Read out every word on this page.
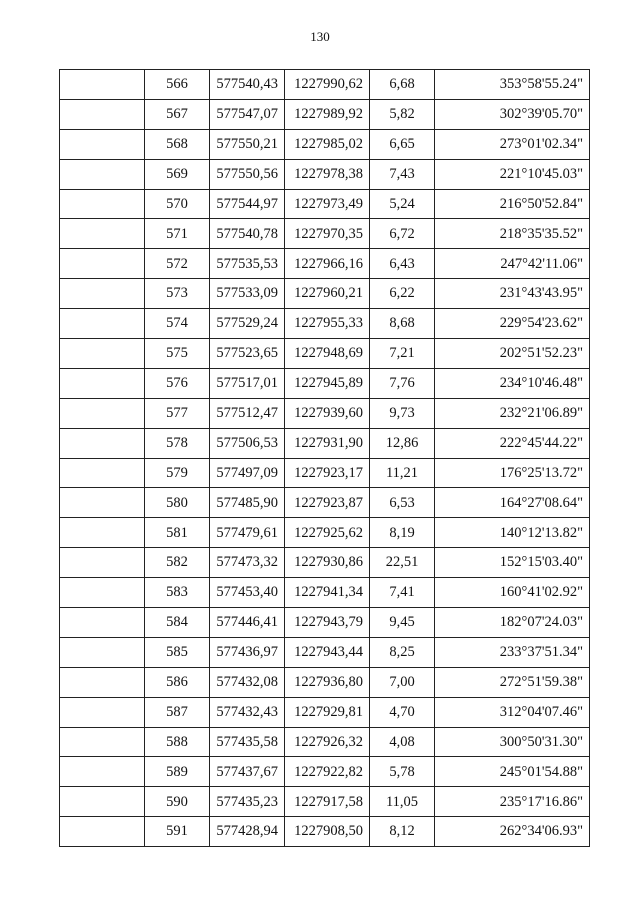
130
	566	577540,43	1227990,62	6,68	353°58'55.24"
	567	577547,07	1227989,92	5,82	302°39'05.70"
	568	577550,21	1227985,02	6,65	273°01'02.34"
	569	577550,56	1227978,38	7,43	221°10'45.03"
	570	577544,97	1227973,49	5,24	216°50'52.84"
	571	577540,78	1227970,35	6,72	218°35'35.52"
	572	577535,53	1227966,16	6,43	247°42'11.06"
	573	577533,09	1227960,21	6,22	231°43'43.95"
	574	577529,24	1227955,33	8,68	229°54'23.62"
	575	577523,65	1227948,69	7,21	202°51'52.23"
	576	577517,01	1227945,89	7,76	234°10'46.48"
	577	577512,47	1227939,60	9,73	232°21'06.89"
	578	577506,53	1227931,90	12,86	222°45'44.22"
	579	577497,09	1227923,17	11,21	176°25'13.72"
	580	577485,90	1227923,87	6,53	164°27'08.64"
	581	577479,61	1227925,62	8,19	140°12'13.82"
	582	577473,32	1227930,86	22,51	152°15'03.40"
	583	577453,40	1227941,34	7,41	160°41'02.92"
	584	577446,41	1227943,79	9,45	182°07'24.03"
	585	577436,97	1227943,44	8,25	233°37'51.34"
	586	577432,08	1227936,80	7,00	272°51'59.38"
	587	577432,43	1227929,81	4,70	312°04'07.46"
	588	577435,58	1227926,32	4,08	300°50'31.30"
	589	577437,67	1227922,82	5,78	245°01'54.88"
	590	577435,23	1227917,58	11,05	235°17'16.86"
	591	577428,94	1227908,50	8,12	262°34'06.93"
